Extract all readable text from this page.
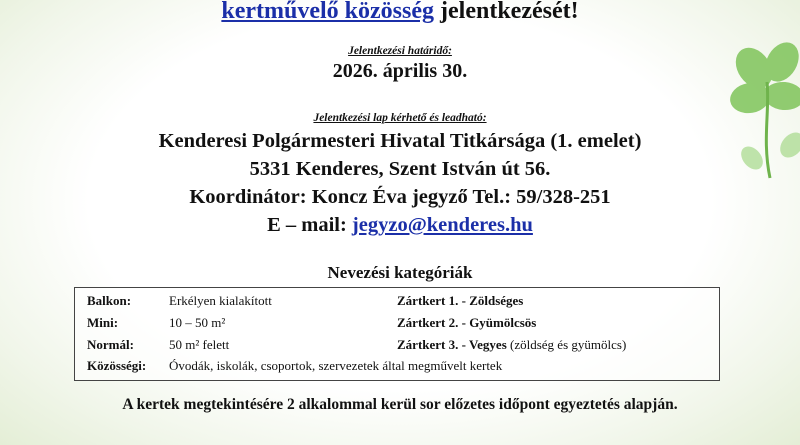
kertművelő közösség jelentkezését!
Jelentkezési határidő:
2026. április 30.
Jelentkezési lap kérhető és leadható:
Kenderesi Polgármesteri Hivatal Titkársága (1. emelet)
5331 Kenderes, Szent István út 56.
Koordinátor: Koncz Éva jegyző Tel.: 59/328-251
E – mail: jegyzo@kenderes.hu
Nevezési kategóriák
Balkon:	Erkélyen kialakított	Zártkert 1. - Zöldséges
Mini:	10 – 50 m²	Zártkert 2. - Gyümölcsös
Normál:	50 m² felett	Zártkert 3. - Vegyes (zöldség és gyümölcs)
Közösségi: Óvodák, iskolák, csoportok, szervezetek által megművelt kertek
A kertek megtekintésére 2 alkalommal kerül sor előzetes időpont egyeztetés alapján.
